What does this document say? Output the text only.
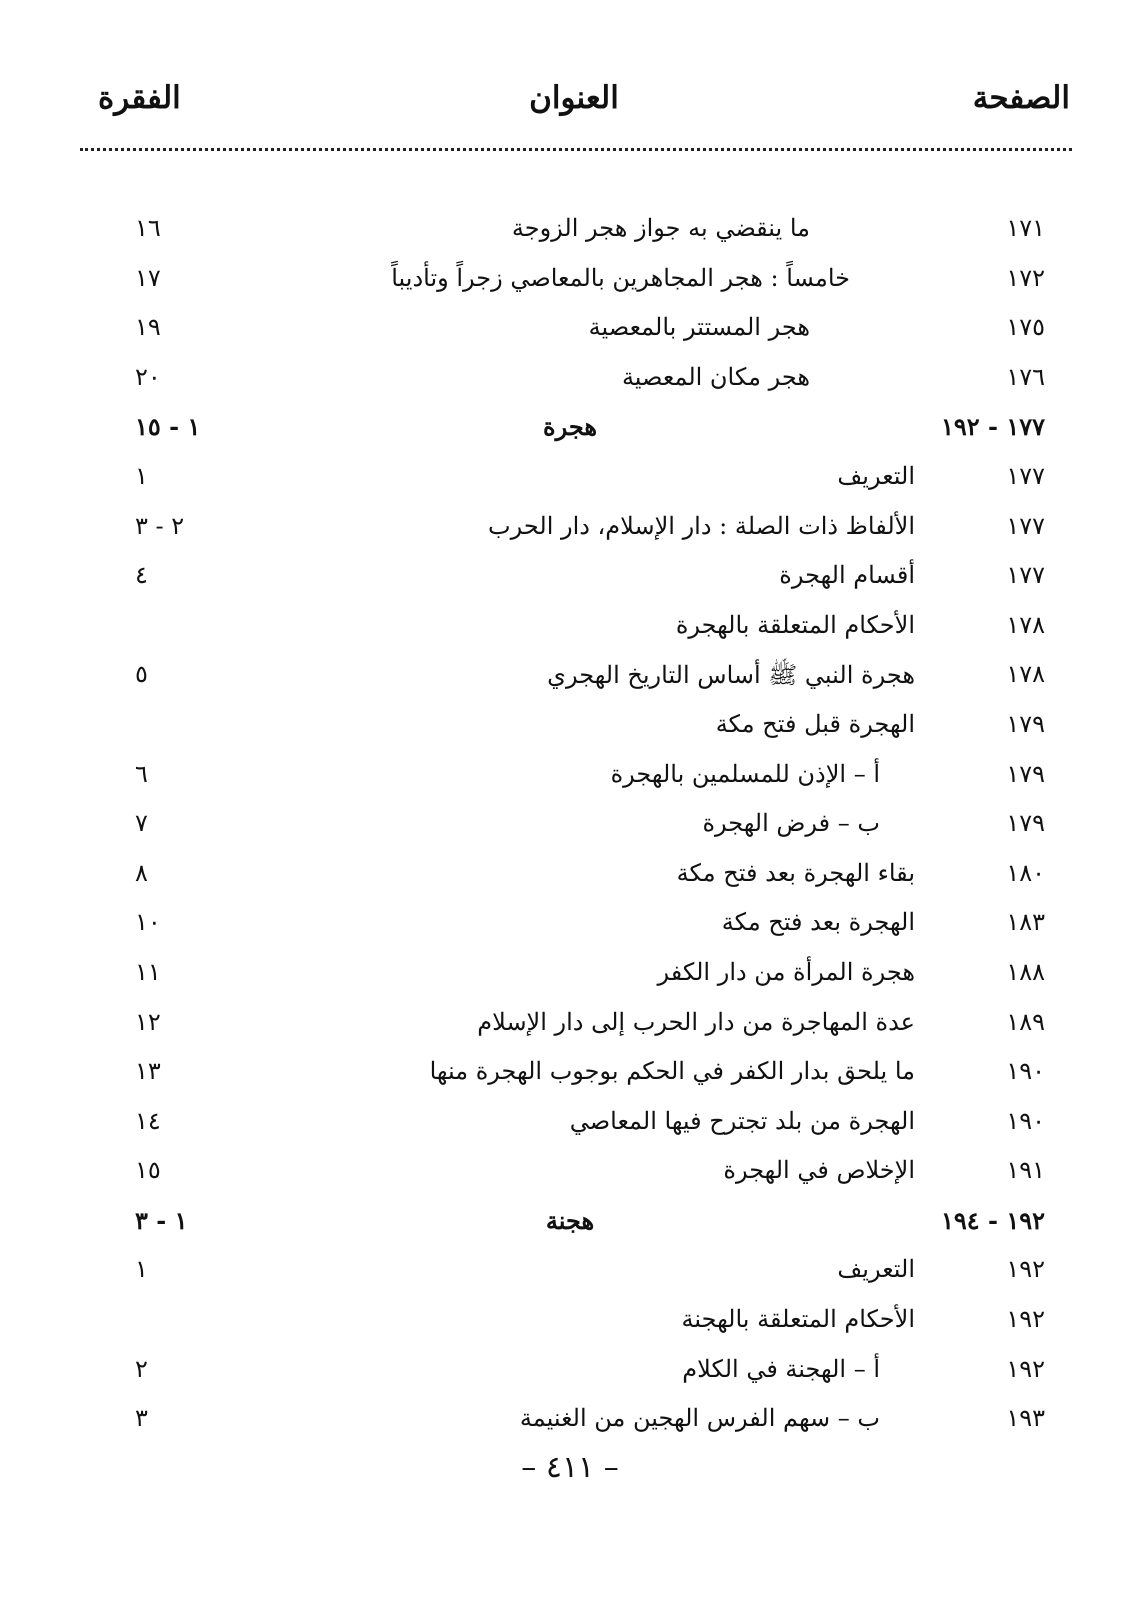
الصفحة
العنوان
الفقرة
١٧١
ما ينقضي به جواز هجر الزوجة
١٦
١٧٢
خامساً : هجر المجاهرين بالمعاصي زجراً وتأديباً
١٧
١٧٥
هجر المستتر بالمعصية
١٩
١٧٦
هجر مكان المعصية
٢٠
١٧٧ - ١٩٢
هجرة
١ - ١٥
١٧٧
التعريف
١
١٧٧
الألفاظ ذات الصلة : دار الإسلام، دار الحرب
٢ - ٣
١٧٧
أقسام الهجرة
٤
١٧٨
الأحكام المتعلقة بالهجرة
١٧٨
هجرة النبي ﷺ أساس التاريخ الهجري
٥
١٧٩
الهجرة قبل فتح مكة
١٧٩
أ – الإذن للمسلمين بالهجرة
٦
١٧٩
ب – فرض الهجرة
٧
١٨٠
بقاء الهجرة بعد فتح مكة
٨
١٨٣
الهجرة بعد فتح مكة
١٠
١٨٨
هجرة المرأة من دار الكفر
١١
١٨٩
عدة المهاجرة من دار الحرب إلى دار الإسلام
١٢
١٩٠
ما يلحق بدار الكفر في الحكم بوجوب الهجرة منها
١٣
١٩٠
الهجرة من بلد تجترح فيها المعاصي
١٤
١٩١
الإخلاص في الهجرة
١٥
١٩٢ - ١٩٤
هجنة
١ - ٣
١٩٢
التعريف
١
١٩٢
الأحكام المتعلقة بالهجنة
١٩٢
أ – الهجنة في الكلام
٢
١٩٣
ب – سهم الفرس الهجين من الغنيمة
٣
– ٤١١ –
